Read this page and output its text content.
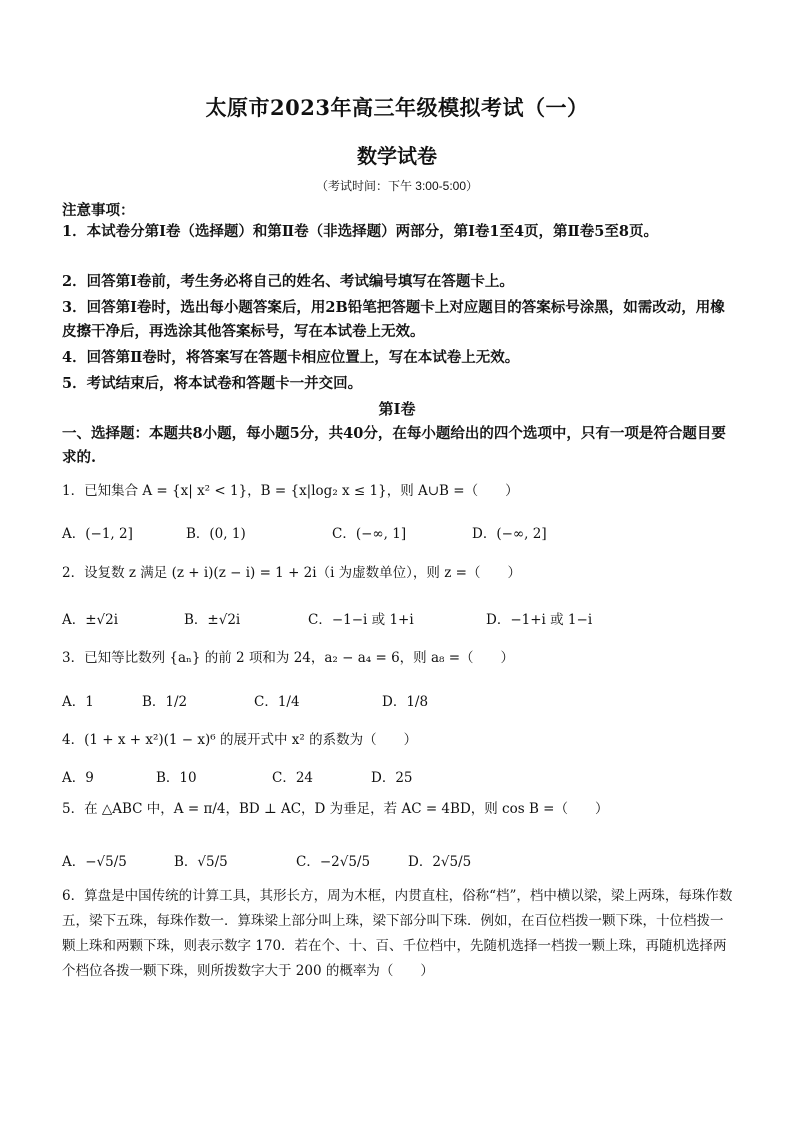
太原市2023年高三年级模拟考试（一）
数学试卷
（考试时间：下午 3:00-5:00）
注意事项：
1．本试卷分第Ⅰ卷（选择题）和第Ⅱ卷（非选择题）两部分，第Ⅰ卷1至4页，第Ⅱ卷5至8页。
2．回答第Ⅰ卷前，考生务必将自己的姓名、考试编号填写在答题卡上。
3．回答第Ⅰ卷时，选出每小题答案后，用2B铅笔把答题卡上对应题目的答案标号涂黑，如需改动，用橡皮擦干净后，再选涂其他答案标号，写在本试卷上无效。
4．回答第Ⅱ卷时，将答案写在答题卡相应位置上，写在本试卷上无效。
5．考试结束后，将本试卷和答题卡一并交回。
第Ⅰ卷
一、选择题：本题共8小题，每小题5分，共40分，在每小题给出的四个选项中，只有一项是符合题目要求的.
1．已知集合 A = {x| x² < 1}，B = {x|log₂ x ≤ 1}，则 A∪B =（　　）
A．(−1, 2]	B．(0, 1)	C．(−∞, 1]	D．(−∞, 2]
2．设复数 z 满足 (z + i)(z − i) = 1 + 2i（i 为虚数单位），则 z =（　　）
A．±√2i	B．±√2i	C．−1−i 或 1+i	D．−1+i 或 1−i
3．已知等比数列 {aₙ} 的前 2 项和为 24，a₂ − a₄ = 6，则 a₈ =（　　）
A．1	B．1/2	C．1/4	D．1/8
4．(1 + x + x²)(1 − x)⁶ 的展开式中 x² 的系数为（　　）
A．9	B．10	C．24	D．25
5．在 △ABC 中，A = π/4，BD ⊥ AC，D 为垂足，若 AC = 4BD，则 cos B =（　　）
A．−√5/5	B．√5/5	C．−2√5/5	D．2√5/5
6．算盘是中国传统的计算工具，其形长方，周为木框，内贯直柱，俗称“档”，档中横以梁，梁上两珠，每珠作数五，梁下五珠，每珠作数一．算珠梁上部分叫上珠，梁下部分叫下珠．例如，在百位档拨一颗下珠，十位档拨一颗上珠和两颗下珠，则表示数字 170．若在个、十、百、千位档中，先随机选择一档拨一颗上珠，再随机选择两个档位各拨一颗下珠，则所拨数字大于 200 的概率为（　　）
